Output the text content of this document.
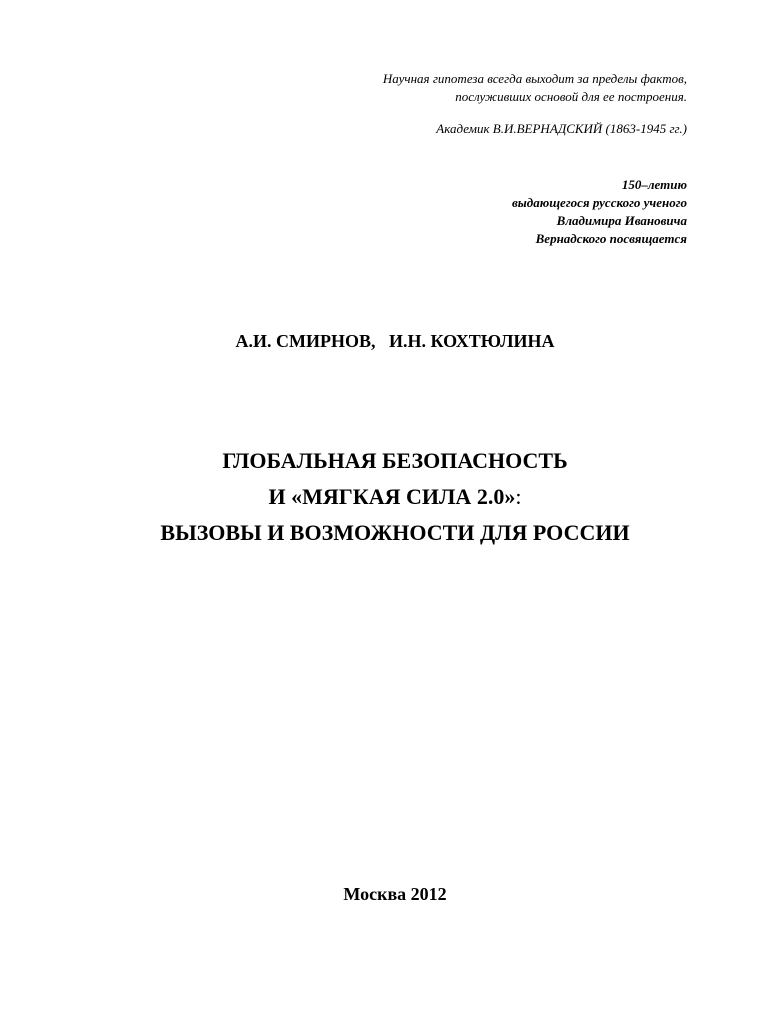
Научная гипотеза всегда выходит за пределы фактов,
послуживших основой для ее построения.
Академик В.И.ВЕРНАДСКИЙ (1863-1945 гг.)
150–летию
выдающегося русского ученого
Владимира Ивановича
Вернадского посвящается
А.И. СМИРНОВ,   И.Н. КОХТЮЛИНА
ГЛОБАЛЬНАЯ БЕЗОПАСНОСТЬ
И «МЯГКАЯ СИЛА 2.0»:
ВЫЗОВЫ И ВОЗМОЖНОСТИ ДЛЯ РОССИИ
Москва 2012
